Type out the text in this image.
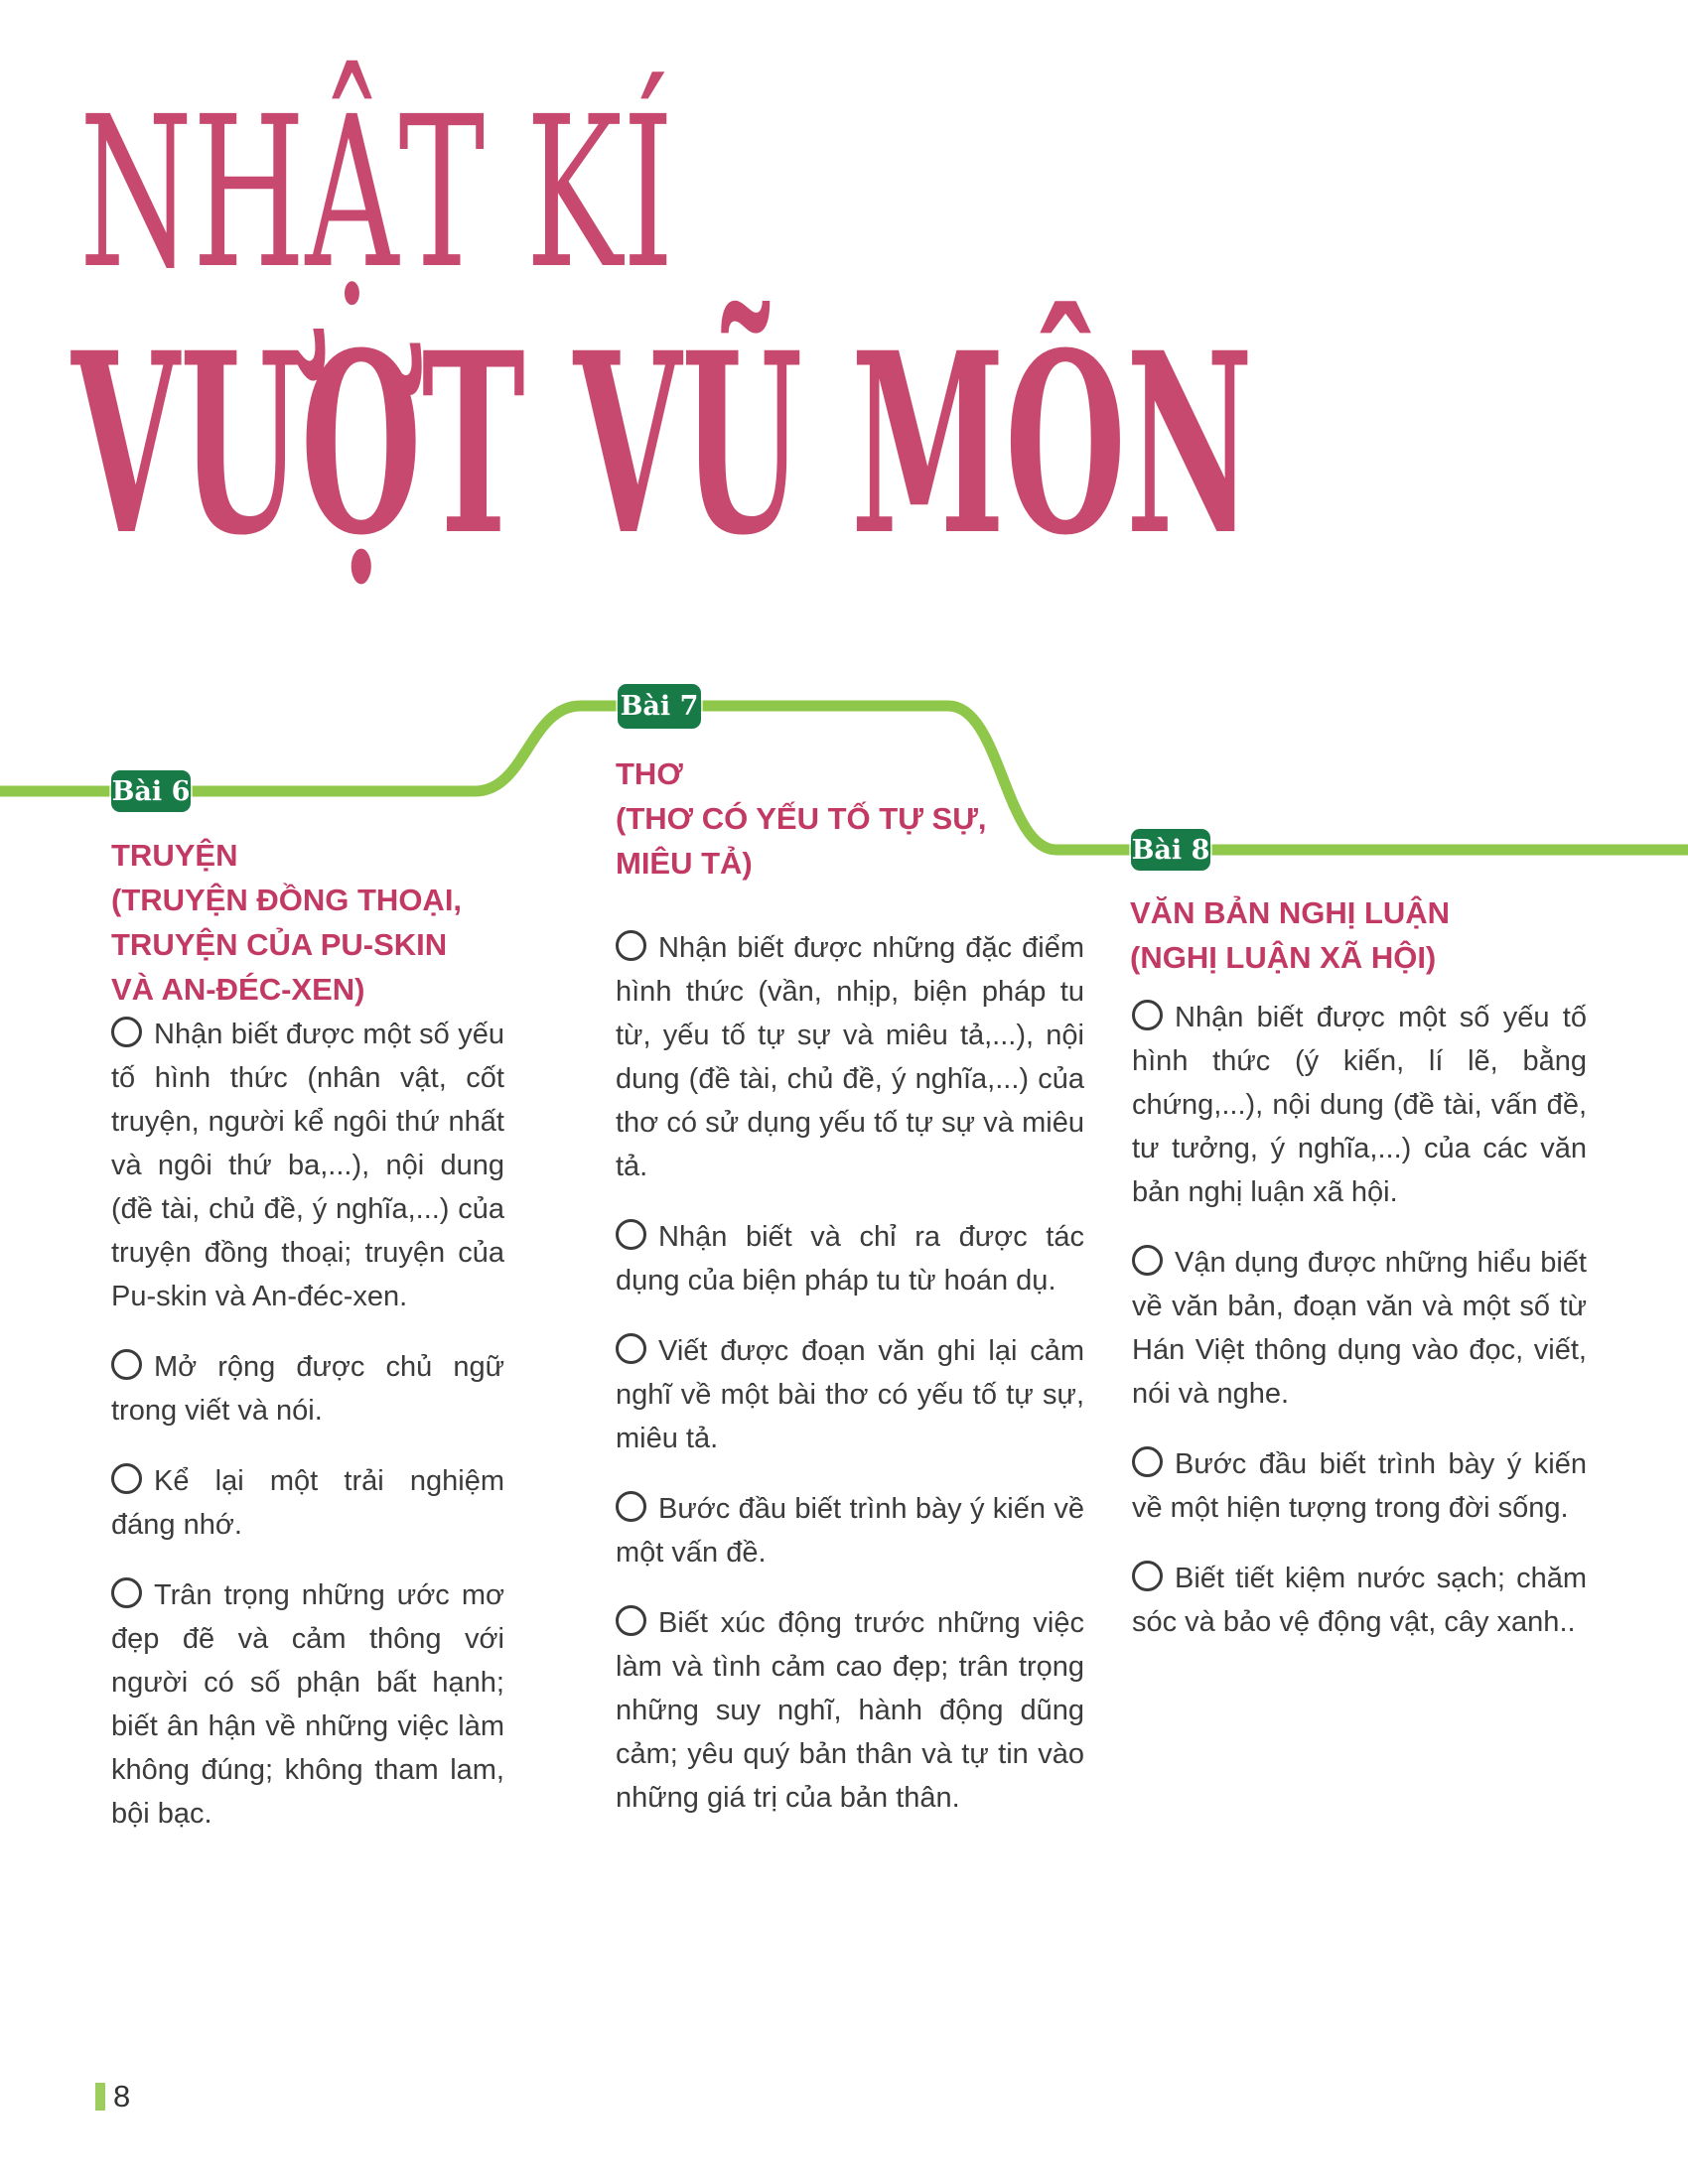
NHẬT KÍ
VƯỢT VŨ MÔN
Bài 6
Bài 7
Bài 8
TRUYỆN
(TRUYỆN ĐỒNG THOẠI,
TRUYỆN CỦA PU-SKIN
VÀ AN-ĐÉC-XEN)

Nhận biết được một số yếu tố hình thức (nhân vật, cốt truyện, người kể ngôi thứ nhất và ngôi thứ ba,...), nội dung (đề tài, chủ đề, ý nghĩa,...) của truyện đồng thoại; truyện của Pu-skin và An-đéc-xen.

Mở rộng được chủ ngữ trong viết và nói.

Kể lại một trải nghiệm đáng nhớ.

Trân trọng những ước mơ đẹp đẽ và cảm thông với người có số phận bất hạnh; biết ân hận về những việc làm không đúng; không tham lam, bội bạc.

THƠ
(THƠ CÓ YẾU TỐ TỰ SỰ,
MIÊU TẢ)

Nhận biết được những đặc điểm hình thức (vần, nhịp, biện pháp tu từ, yếu tố tự sự và miêu tả,...), nội dung (đề tài, chủ đề, ý nghĩa,...) của thơ có sử dụng yếu tố tự sự và miêu tả.

Nhận biết và chỉ ra được tác dụng của biện pháp tu từ hoán dụ.

Viết được đoạn văn ghi lại cảm nghĩ về một bài thơ có yếu tố tự sự, miêu tả.

Bước đầu biết trình bày ý kiến về một vấn đề.

Biết xúc động trước những việc làm và tình cảm cao đẹp; trân trọng những suy nghĩ, hành động dũng cảm; yêu quý bản thân và tự tin vào những giá trị của bản thân.

VĂN BẢN NGHỊ LUẬN
(NGHỊ LUẬN XÃ HỘI)

Nhận biết được một số yếu tố hình thức (ý kiến, lí lẽ, bằng chứng,...), nội dung (đề tài, vấn đề, tư tưởng, ý nghĩa,...) của các văn bản nghị luận xã hội.

Vận dụng được những hiểu biết về văn bản, đoạn văn và một số từ Hán Việt thông dụng vào đọc, viết, nói và nghe.

Bước đầu biết trình bày ý kiến về một hiện tượng trong đời sống.

Biết tiết kiệm nước sạch; chăm sóc và bảo vệ động vật, cây xanh..

8
